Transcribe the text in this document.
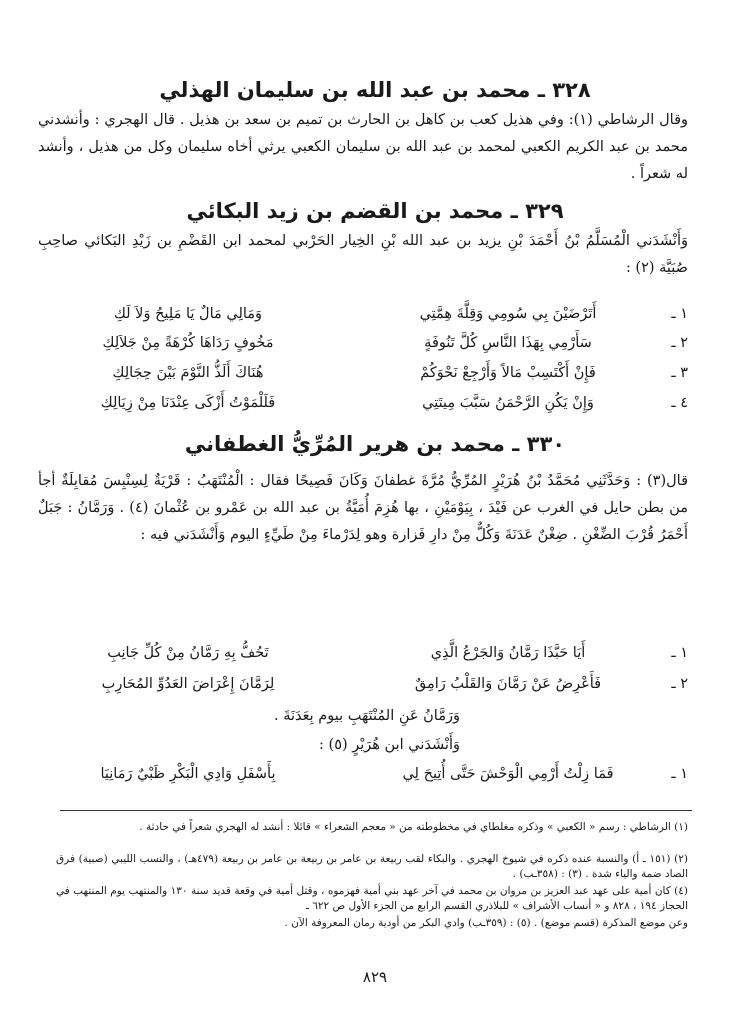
٣٢٨ ـ محمد بن عبد الله بن سليمان الهذلي
وقال الرشاطي (١): وفي هذيل كعب بن كاهل بن الحارث بن تميم بن سعد بن هذيل . قال الهجري : وأنشدني محمد بن عبد الكريم الكعبي لمحمد بن عبد الله بن سليمان الكعبي يرثي أخاه سليمان وكل من هذيل ، وأنشد له شعراً .
٣٢٩ ـ محمد بن القضم بن زيد البكائي
وَأَنْشَدَني الْمُسَلَّمُ بْنُ أَحْمَدَ بْنِ يزيد بن عبد الله بْنِ الخِيار الحَرْبي لمحمد ابن القَضْمِ بن زَيْدِ البَكائي صاحِبِ صُبَيَّة (٢) :
١ ـ
أَتَرْضَيْنَ بِي سُومِي وَقِلَّةَ هِمَّتِي
وَمَالِي مَالٌ يَا مَلِيحُ وَلاَ لَكِ
٢ ـ
سَأَرْمِي بِهَذَا النَّاسِ كُلَّ تَنُوفَةٍ
مَخُوفٍ رَدَاهَا كُرْهَةً مِنْ جَلاَلِكِ
٣ ـ
فَإِنْ أَكْتَسِبْ مَالاً وَأَرْجِعْ نَحْوَكُمْ
هُنَاكَ أَلَذُّ النَّوْمَ بَيْنَ حِجَالِكِ
٤ ـ
وَإِنْ يَكُنِ الرَّحْمَنُ سَبَّبَ مِيتَتِي
فَلَلْمَوْتُ أَزْكَى عِنْدَنَا مِنْ زِيَالِكِ
٣٣٠ ـ محمد بن هرير المُرِّيُّ الغطفاني
قال(٣) : وَحَدَّثَنِي مُحَمَّدُ بْنُ هُرَيْرٍ المُرِّيُّ مُرَّةَ غطفانَ وَكَانَ فَصِيحًا فقال : الْمُنْتَهَبُ : قَرْيَةٌ لِسِنْبِسَ مُقابِلَةٌ أجأ من بطن حايل في الغرب عن فَيْدَ ، بِيَوْمَيْنِ ، بها هُزِمَ أُمَيَّةُ بن عبد الله بن عَمْرو بن عُثْمانَ (٤) . وَرَمَّانُ : جَبَلٌ أَحْمَرُ قُرْبَ الضِّغْنِ . ضِغْنٌ عَدَنَةَ وَكُلٌّ مِنْ دارِ فَزارة وهو لِدَرْماءَ مِنْ طَيِّءٍ اليوم وَأَنْشَدَني فيه :
١ ـ
أَيَا حَبَّذَا رَمَّانُ وَالجَرْعُ الَّذِي
تَحُفُّ بِهِ رَمَّانُ مِنْ كُلِّ جَانِبِ
٢ ـ
فَأَعْرِضُ عَنْ رَمَّانَ وَالقَلْبُ رَامِقٌ
لِرَمَّانَ إِعْرَاضَ العَدُوِّ المُحَارِبِ
وَرَمَّانُ عَنِ المُنْتَهَبِ بيوم بِعَدَنَةَ .
وَأَنْشَدَني ابن هُرَيْرٍ (٥) :
١ ـ
فَمَا زِلْتُ أَرْمِي الْوَحْشَ حَتَّى أُتِيحَ لِي
بِأَسْفَلِ وَادِي الْبَكْرِ ظَبْيٌ رَمَانِيَا
(١) الرشاطي : رسم « الكعبي » وذكره مغلطاي في مخطوطته من « معجم الشعراء » قائلا : أنشد له الهجري شعراً في حادثة .
(٢) (١٥١ ـ أ) والنسبة عنده ذكره في شيوخ الهجري . والبكاء لقب ربيعة بن عامر بن ربيعة بن عامر بن ربيعة (٤٧٩هـ) ، والنسب الليبي (صبية) فرق الصاد ضمة والياء شدة . (٣) : (٣٥٨ـب) .
(٤) كان أمية على عهد عبد العزيز بن مروان بن محمد في آخر عهد بني أمية فهزموه ، وقتل أمية في وقعة قديد سنة ١٣٠ والمنتهب يوم المنتهب في الحجاز ١٩٤ ، ٨٢٨ و « أنساب الأشراف » للبلاذري القسم الرابع من الجزء الأول ص ٦٢٢ ـ
وعن موضع المذكرة (قسم موضع) . (٥) : (٣٥٩ـب) وادي البكر من أودية رمان المعروفة الآن .
٨٢٩
